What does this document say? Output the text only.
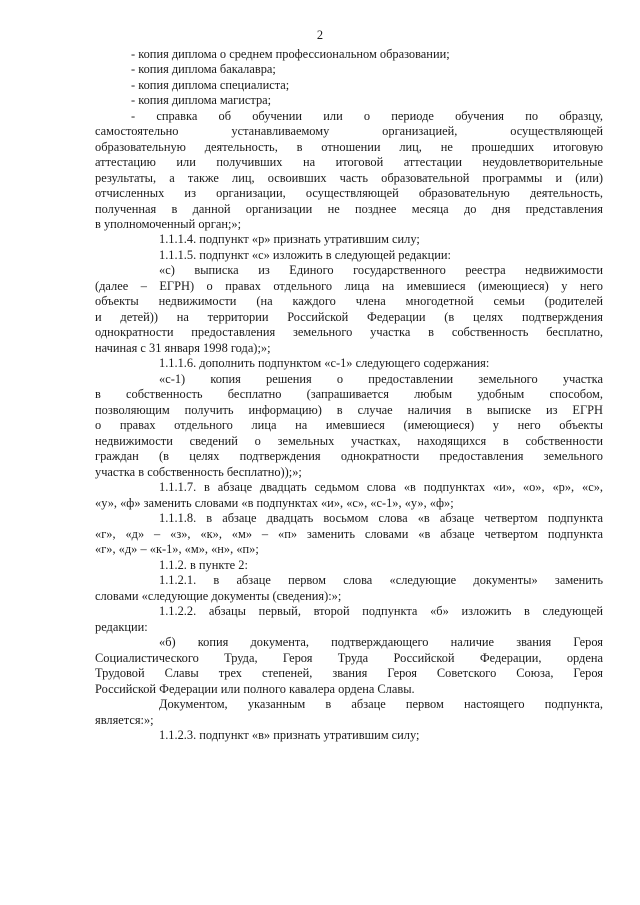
2
- копия диплома о среднем профессиональном образовании;
- копия диплома бакалавра;
- копия диплома специалиста;
- копия диплома магистра;
- справка об обучении или о периоде обучения по образцу,
самостоятельно устанавливаемому организацией, осуществляющей
образовательную деятельность, в отношении лиц, не прошедших итоговую
аттестацию или получивших на итоговой аттестации неудовлетворительные
результаты, а также лиц, освоивших часть образовательной программы и (или)
отчисленных из организации, осуществляющей образовательную деятельность,
полученная в данной организации не позднее месяца до дня представления
в уполномоченный орган;»;
1.1.1.4. подпункт «р» признать утратившим силу;
1.1.1.5. подпункт «с» изложить в следующей редакции:
«с) выписка из Единого государственного реестра недвижимости
(далее – ЕГРН) о правах отдельного лица на имевшиеся (имеющиеся) у него
объекты недвижимости (на каждого члена многодетной семьи (родителей
и детей)) на территории Российской Федерации (в целях подтверждения
однократности предоставления земельного участка в собственность бесплатно,
начиная с 31 января 1998 года);»;
1.1.1.6. дополнить подпунктом «с-1» следующего содержания:
«с-1) копия решения о предоставлении земельного участка
в собственность бесплатно (запрашивается любым удобным способом,
позволяющим получить информацию) в случае наличия в выписке из ЕГРН
о правах отдельного лица на имевшиеся (имеющиеся) у него объекты
недвижимости сведений о земельных участках, находящихся в собственности
граждан (в целях подтверждения однократности предоставления земельного
участка в собственность бесплатно));»;
1.1.1.7. в абзаце двадцать седьмом слова «в подпунктах «и», «о», «р», «с»,
«у», «ф» заменить словами «в подпунктах «и», «с», «с-1», «у», «ф»;
1.1.1.8. в абзаце двадцать восьмом слова «в абзаце четвертом подпункта
«г», «д» – «з», «к», «м» – «п» заменить словами «в абзаце четвертом подпункта
«г», «д» – «к-1», «м», «н», «п»;
1.1.2. в пункте 2:
1.1.2.1. в абзаце первом слова «следующие документы» заменить
словами «следующие документы (сведения):»;
1.1.2.2. абзацы первый, второй подпункта «б» изложить в следующей
редакции:
«б) копия документа, подтверждающего наличие звания Героя
Социалистического Труда, Героя Труда Российской Федерации, ордена
Трудовой Славы трех степеней, звания Героя Советского Союза, Героя
Российской Федерации или полного кавалера ордена Славы.
Документом, указанным в абзаце первом настоящего подпункта,
является:»;
1.1.2.3. подпункт «в» признать утратившим силу;
